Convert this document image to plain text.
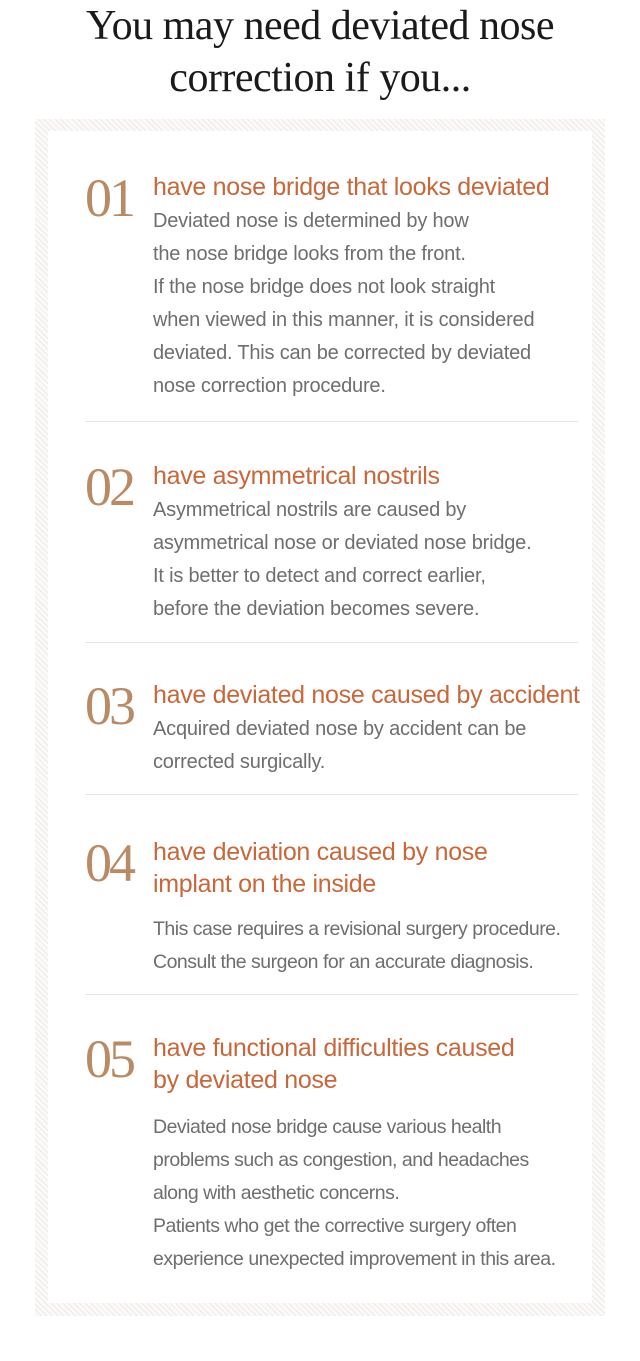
You may need deviated nose
correction if you...
01 have nose bridge that looks deviated

Deviated nose is determined by how

the nose bridge looks from the front.

If the nose bridge does not look straight

when viewed in this manner, it is considered

deviated. This can be corrected by deviated

nose correction procedure.

02 have asymmetrical nostrils

Asymmetrical nostrils are caused by

asymmetrical nose or deviated nose bridge.

It is better to detect and correct earlier,

before the deviation becomes severe.

03 have deviated nose caused by accident

Acquired deviated nose by accident can be

corrected surgically.

04 have deviation caused by nose
implant on the inside

This case requires a revisional surgery procedure.

Consult the surgeon for an accurate diagnosis.

05 have functional difficulties caused
by deviated nose

Deviated nose bridge cause various health

problems such as congestion, and headaches

along with aesthetic concerns.

Patients who get the corrective surgery often

experience unexpected improvement in this area.
